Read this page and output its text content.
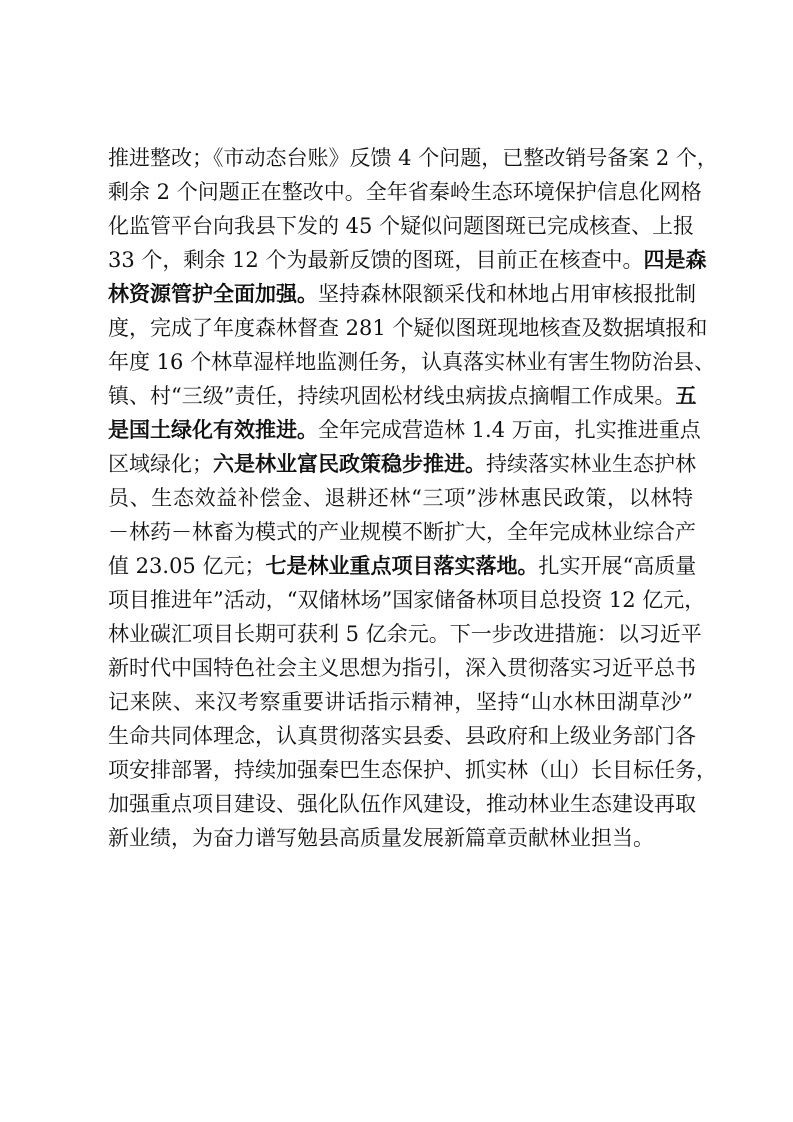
推进整改；《市动态台账》反馈 4 个问题，已整改销号备案 2 个，
剩余 2 个问题正在整改中。全年省秦岭生态环境保护信息化网格
化监管平台向我县下发的 45 个疑似问题图斑已完成核查、上报
33 个，剩余 12 个为最新反馈的图斑，目前正在核查中。四是森
林资源管护全面加强。坚持森林限额采伐和林地占用审核报批制
度，完成了年度森林督查 281 个疑似图斑现地核查及数据填报和
年度 16 个林草湿样地监测任务，认真落实林业有害生物防治县、
镇、村“三级”责任，持续巩固松材线虫病拔点摘帽工作成果。五
是国土绿化有效推进。全年完成营造林 1.4 万亩，扎实推进重点
区域绿化；六是林业富民政策稳步推进。持续落实林业生态护林
员、生态效益补偿金、退耕还林“三项”涉林惠民政策，以林特
－林药－林畜为模式的产业规模不断扩大，全年完成林业综合产
值 23.05 亿元；七是林业重点项目落实落地。扎实开展“高质量
项目推进年”活动，“双储林场”国家储备林项目总投资 12 亿元，
林业碳汇项目长期可获利 5 亿余元。下一步改进措施：以习近平
新时代中国特色社会主义思想为指引，深入贯彻落实习近平总书
记来陕、来汉考察重要讲话指示精神，坚持“山水林田湖草沙”
生命共同体理念，认真贯彻落实县委、县政府和上级业务部门各
项安排部署，持续加强秦巴生态保护、抓实林（山）长目标任务，
加强重点项目建设、强化队伍作风建设，推动林业生态建设再取
新业绩，为奋力谱写勉县高质量发展新篇章贡献林业担当。
